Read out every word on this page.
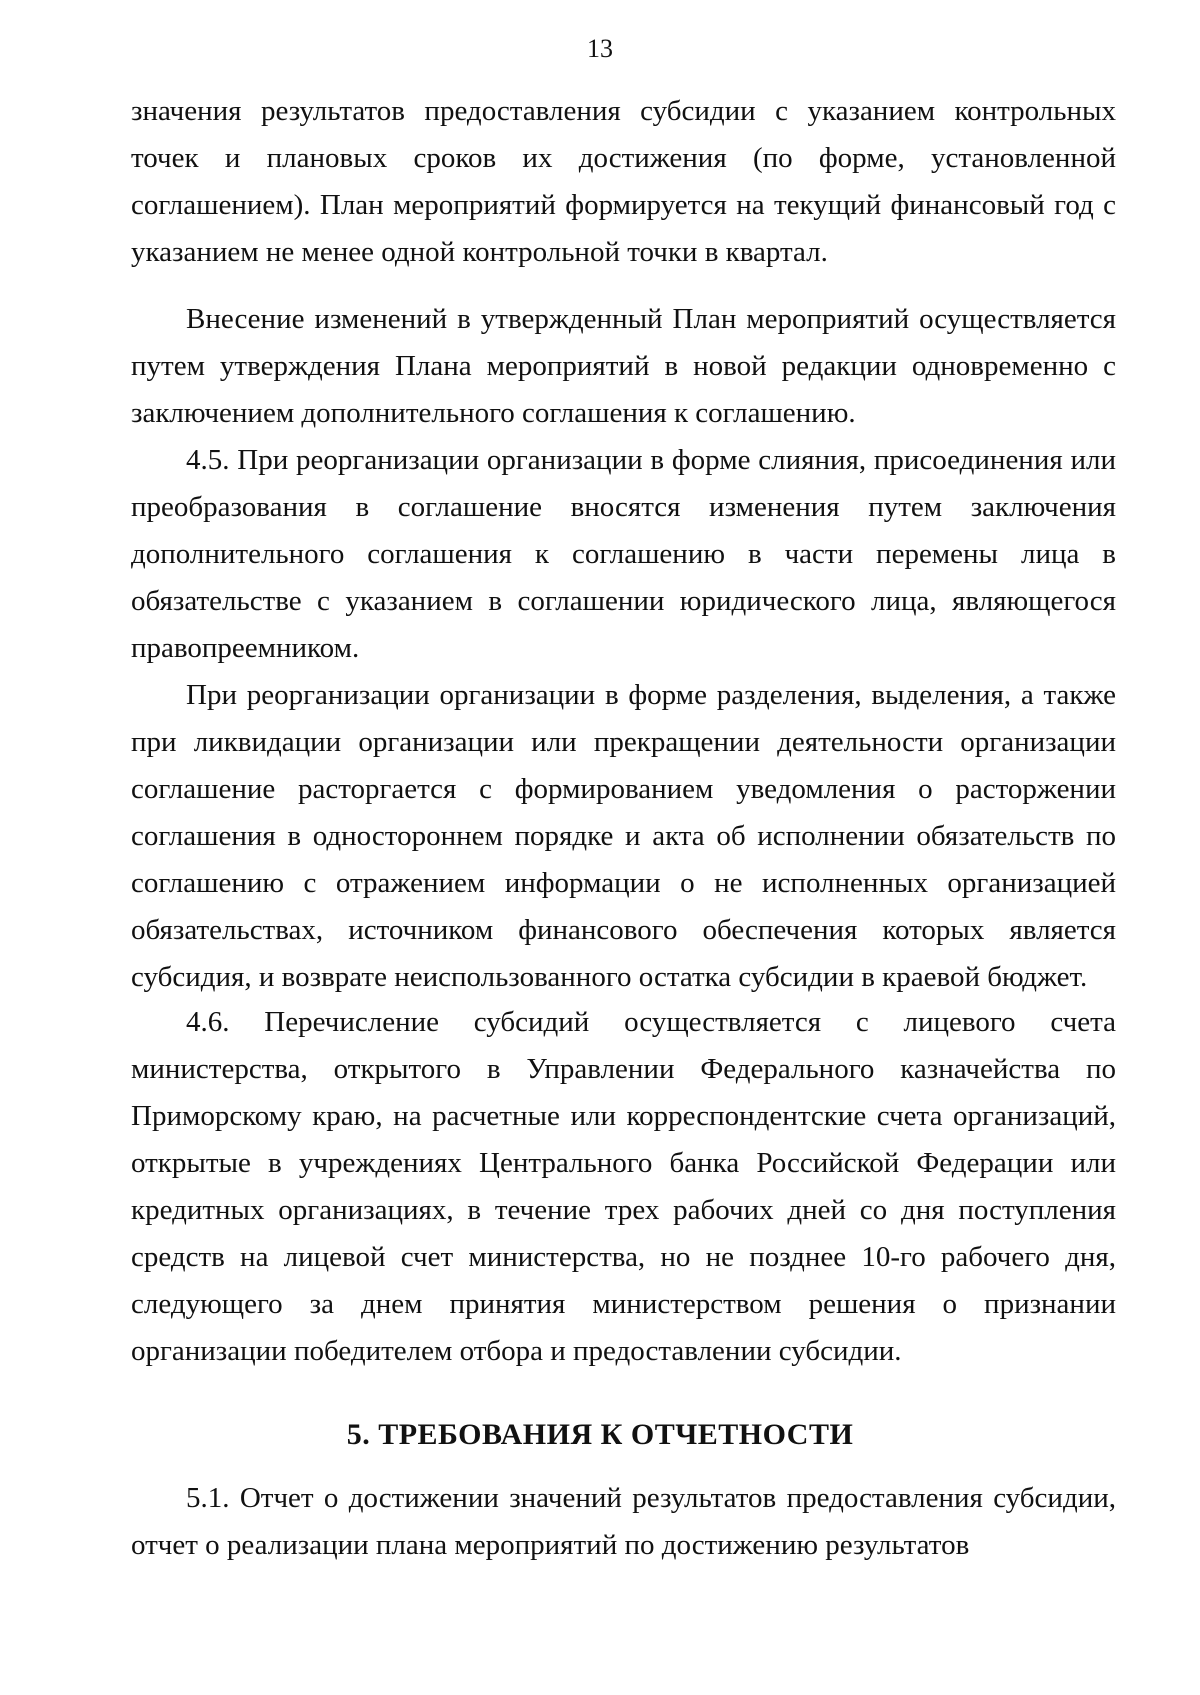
13

значения результатов предоставления субсидии с указанием контрольных точек и плановых сроков их достижения (по форме, установленной соглашением). План мероприятий формируется на текущий финансовый год с указанием не менее одной контрольной точки в квартал.

Внесение изменений в утвержденный План мероприятий осуществляется путем утверждения Плана мероприятий в новой редакции одновременно с заключением дополнительного соглашения к соглашению.

4.5. При реорганизации организации в форме слияния, присоединения или преобразования в соглашение вносятся изменения путем заключения дополнительного соглашения к соглашению в части перемены лица в обязательстве с указанием в соглашении юридического лица, являющегося правопреемником.

При реорганизации организации в форме разделения, выделения, а также при ликвидации организации или прекращении деятельности организации соглашение расторгается с формированием уведомления о расторжении соглашения в одностороннем порядке и акта об исполнении обязательств по соглашению с отражением информации о не исполненных организацией обязательствах, источником финансового обеспечения которых является субсидия, и возврате неиспользованного остатка субсидии в краевой бюджет.

4.6. Перечисление субсидий осуществляется с лицевого счета министерства, открытого в Управлении Федерального казначейства по Приморскому краю, на расчетные или корреспондентские счета организаций, открытые в учреждениях Центрального банка Российской Федерации или кредитных организациях, в течение трех рабочих дней со дня поступления средств на лицевой счет министерства, но не позднее 10-го рабочего дня, следующего за днем принятия министерством решения о признании организации победителем отбора и предоставлении субсидии.

5. ТРЕБОВАНИЯ К ОТЧЕТНОСТИ

5.1. Отчет о достижении значений результатов предоставления субсидии, отчет о реализации плана мероприятий по достижению результатов
